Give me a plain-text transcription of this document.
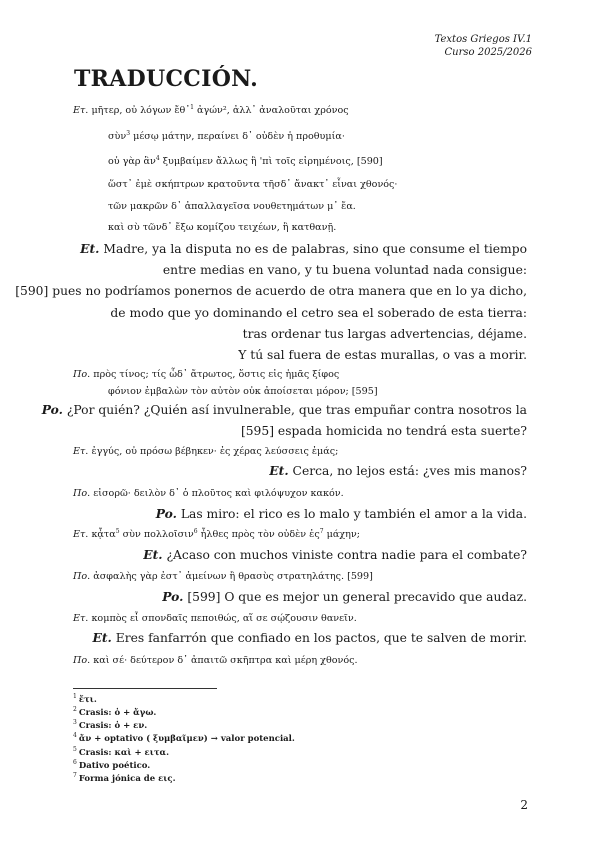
Textos Griegos IV.1
Curso 2025/2026
TRADUCCIÓN.
Ετ. μῆτερ, οὐ λόγων ἔθ᾽$^1$ ἀγών², ἀλλ᾽ ἀναλοῦται χρόνος
σὺν$^3$ μέσῳ μάτην, περαίνει δ᾽ οὐδὲν ἡ προθυμία·
οὐ γὰρ ἂν$^4$ ξυμβαίμεν ἄλλως ἢ 'πὶ τοῖς εἰρημένοις, [590]
ὥστ᾽ ἐμὲ σκήπτρων κρατοῦντα τῆσδ᾽ ἄνακτ᾽ εἶναι χθονός·
τῶν μακρῶν δ᾽ ἀπαλλαγεῖσα νουθετημάτων μ᾽ ἔα.
καὶ σὺ τῶνδ᾽ ἔξω κομίζου τειχέων, ἢ κατθανῇ.
Et. Madre, ya la disputa no es de palabras, sino que consume el tiempo
entre medias en vano, y tu buena voluntad nada consigue:
[590] pues no podríamos ponernos de acuerdo de otra manera que en lo ya dicho,
de modo que yo dominando el cetro sea el soberado de esta tierra:
tras ordenar tus largas advertencias, déjame.
Y tú sal fuera de estas murallas, o vas a morir.
Πο. πρὸς τίνος; τίς ὧδ᾽ ἄτρωτος, ὅστις εἰς ἡμᾶς ξίφος
φόνιον ἐμβαλὼν τὸν αὐτὸν οὐκ ἀποίσεται μόρον; [595]
Po. ¿Por quién? ¿Quién así invulnerable, que tras empuñar contra nosotros la
[595] espada homicida no tendrá esta suerte?
Ετ. ἐγγύς, οὐ πρόσω βέβηκεν· ἐς χέρας λεύσσεις ἐμάς;
Et. Cerca, no lejos está: ¿ves mis manos?
Πο. εἰσορῶ· δειλὸν δ᾽ ὁ πλοῦτος καὶ φιλόψυχον κακόν.
Po. Las miro: el rico es lo malo y también el amor a la vida.
Ετ. κᾆτα$^5$ σὺν πολλοῖσιν$^6$ ἦλθες πρὸς τὸν οὐδὲν ἐς$^7$ μάχην;
Et. ¿Acaso con muchos viniste contra nadie para el combate?
Πο. ἀσφαλὴς γὰρ ἐστ᾽ ἀμείνων ἢ θρασὺς στρατηλάτης. [599]
Po. [599] O que es mejor un general precavido que audaz.
Ετ. κομπὸς εἶ σπονδαῖς πεποιθώς, αἵ σε σῴζουσιν θανεῖν.
Et. Eres fanfarrón que confiado en los pactos, que te salven de morir.
Πο. καὶ σέ· δεύτερον δ᾽ ἀπαιτῶ σκῆπτρα καὶ μέρη χθονός.
$^1$ ἔτι.
$^2$ Crasis: ὁ + ἄγω.
$^3$ Crasis: ὁ + εν.
$^4$ ἄν + optativo ( ξυμβαῖμεν) → valor potencial.
$^5$ Crasis: καὶ + ειτα.
$^6$ Dativo poético.
$^7$ Forma jónica de εις.
2
